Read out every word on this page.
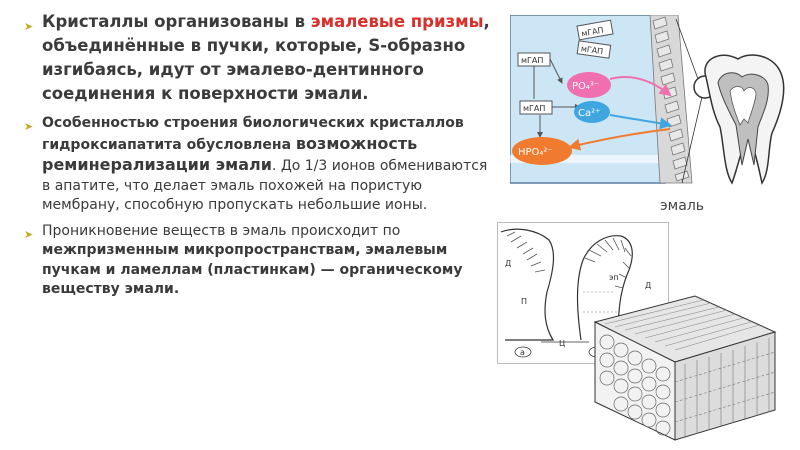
➤ Кристаллы организованы в эмалевые призмы, объединённые в пучки, которые, S-образно изгибаясь, идут от эмалево-дентинного соединения к поверхности эмали.
➤ Особенностью строения биологических кристаллов гидроксиапатита обусловлена возможность реминерализации эмали. До 1/3 ионов обмениваются в апатите, что делает эмаль похожей на пористую мембрану, способную пропускать небольшие ионы.
➤ Проникновение веществ в эмаль происходит по межпризменным микропространствам, эмалевым пучкам и ламеллам (пластинкам) — органическому веществу эмали.
мГАП
мГАП
мГАП
мГАП
PO₄³⁻
Ca²⁺
HPO₄²⁻
эмаль
Д
П
Ц
а
эп
Д
